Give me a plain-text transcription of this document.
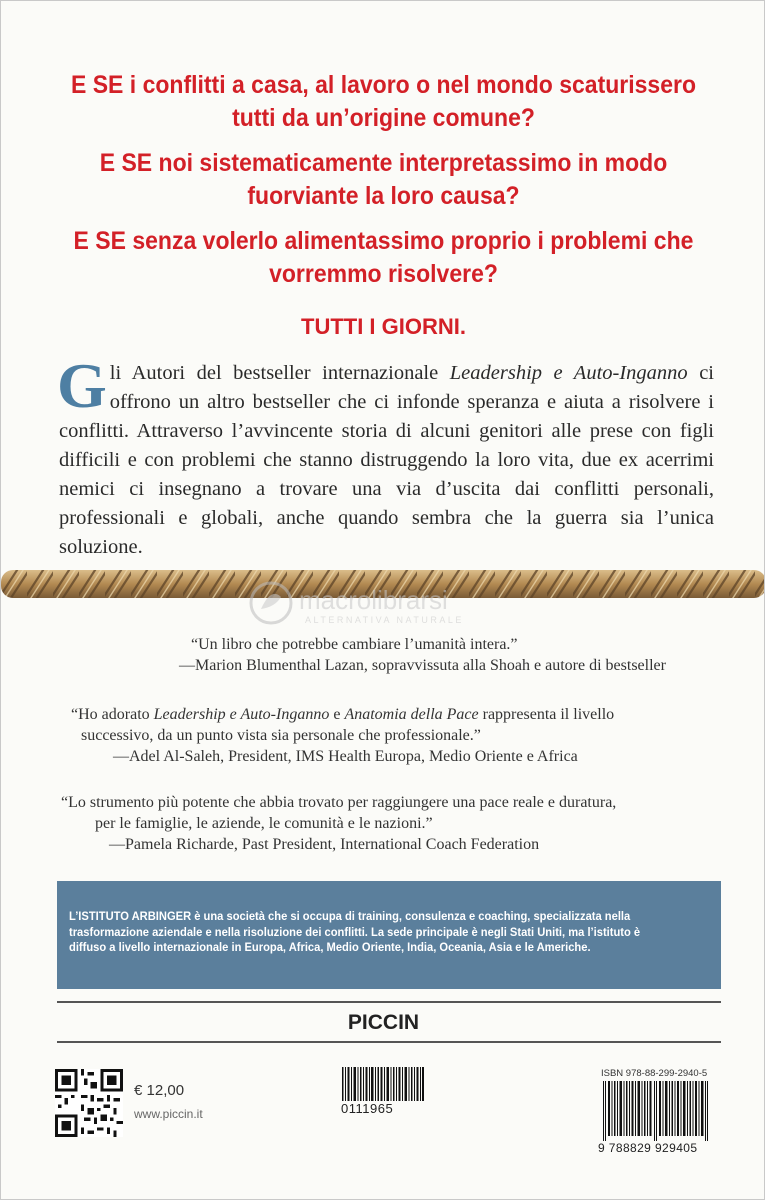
E SE i conflitti a casa, al lavoro o nel mondo scaturissero
tutti da un’origine comune?
E SE noi sistematicamente interpretassimo in modo
fuorviante la loro causa?
E SE senza volerlo alimentassimo proprio i problemi che
vorremmo risolvere?
TUTTI I GIORNI.
Gli Autori del bestseller internazionale Leadership e Auto-Inganno ci offrono un altro bestseller che ci infonde speranza e aiuta a risolvere i conflitti. Attraverso l’avvincente storia di alcuni genitori alle prese con figli difficili e con problemi che stanno distruggendo la loro vita, due ex acerrimi nemici ci insegnano a trovare una via d’uscita dai conflitti personali, professionali e globali, anche quando sembra che la guerra sia l’unica soluzione.
macrolibrarsi
ALTERNATIVA NATURALE
“Un libro che potrebbe cambiare l’umanità intera.”
—Marion Blumenthal Lazan, sopravvissuta alla Shoah e autore di bestseller
“Ho adorato Leadership e Auto-Inganno e Anatomia della Pace rappresenta il livello
successivo, da un punto vista sia personale che professionale.”
—Adel Al-Saleh, President, IMS Health Europa, Medio Oriente e Africa
“Lo strumento più potente che abbia trovato per raggiungere una pace reale e duratura,
per le famiglie, le aziende, le comunità e le nazioni.”
—Pamela Richarde, Past President, International Coach Federation
L’ISTITUTO ARBINGER è una società che si occupa di training, consulenza e coaching, specializzata nella
trasformazione aziendale e nella risoluzione dei conflitti. La sede principale è negli Stati Uniti, ma l’istituto è
diffuso a livello internazionale in Europa, Africa, Medio Oriente, India, Oceania, Asia e le Americhe.
PICCIN
€ 12,00
www.piccin.it	0111965
ISBN 978-88-299-2940-5
9 788829 929405
